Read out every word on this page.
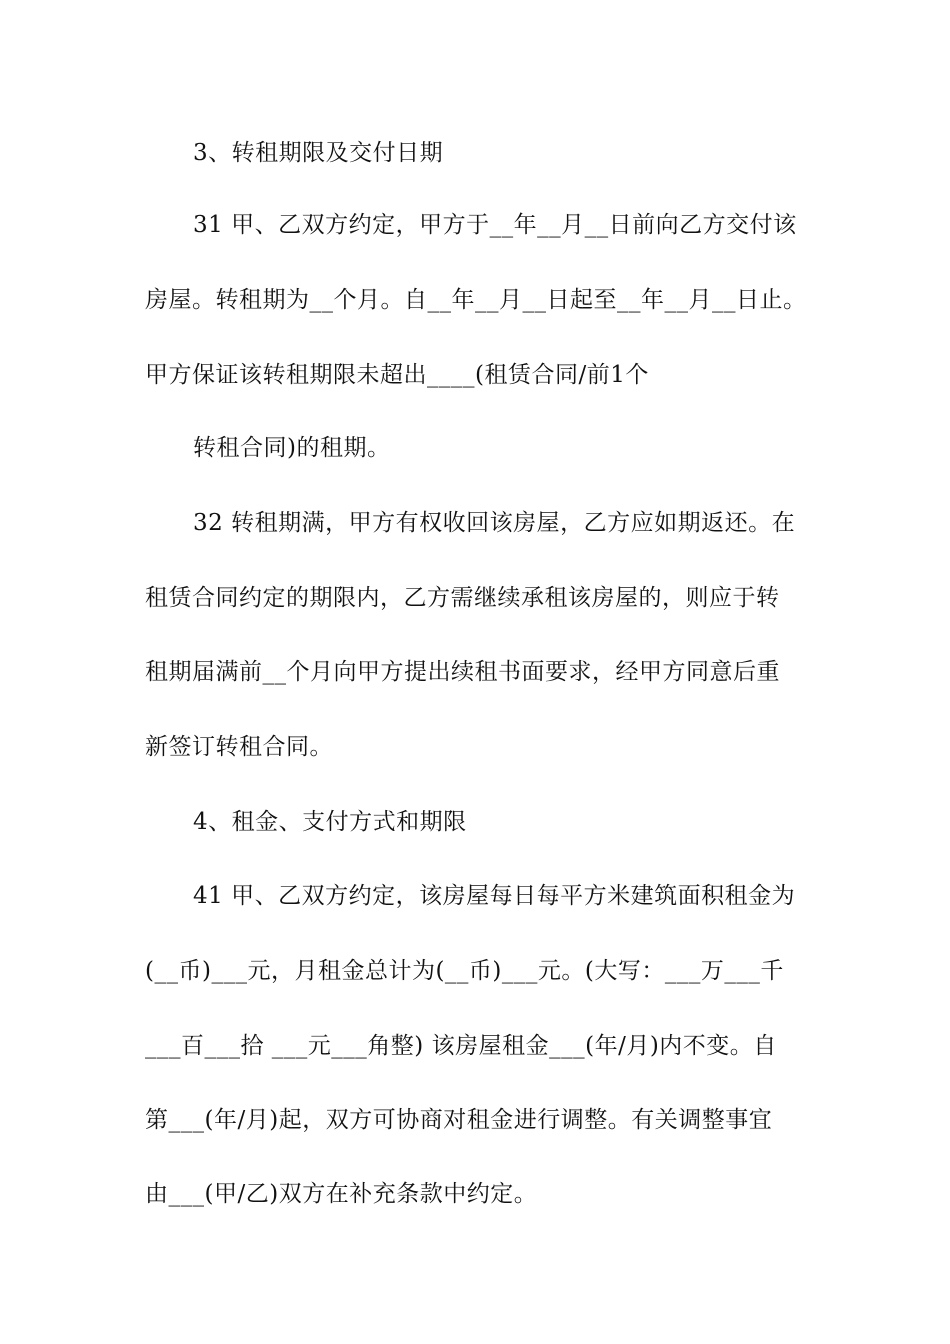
3、转租期限及交付日期
31 甲、乙双方约定，甲方于__年__月__日前向乙方交付该
房屋。转租期为__个月。自__年__月__日起至__年__月__日止。
甲方保证该转租期限未超出____(租赁合同/前1个
转租合同)的租期。
32 转租期满，甲方有权收回该房屋，乙方应如期返还。在
租赁合同约定的期限内，乙方需继续承租该房屋的，则应于转
租期届满前__个月向甲方提出续租书面要求，经甲方同意后重
新签订转租合同。
4、租金、支付方式和期限
41 甲、乙双方约定，该房屋每日每平方米建筑面积租金为
(__币)___元，月租金总计为(__币)___元。(大写：___万___千
___百___拾 ___元___角整) 该房屋租金___(年/月)内不变。自
第___(年/月)起，双方可协商对租金进行调整。有关调整事宜
由___(甲/乙)双方在补充条款中约定。
